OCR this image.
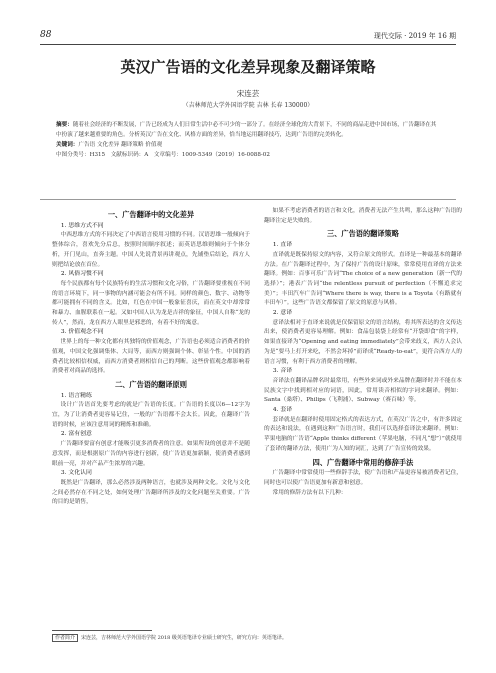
88	现代交际 · 2019 年 16 期
英汉广告语的文化差异现象及翻译策略
宋连芸
（吉林师范大学外国语学院 吉林 长春 130000）
摘要：随着社会经济的不断发展，广告已经成为人们日常生活中必不可少的一部分了。在经济全球化的大背景下，不同的商品走进中国市场，广告翻译在其中扮演了越来越重要的角色。分析英汉广告在文化、风格方面的差异，恰当地运用翻译技巧，达到广告语的完美转化。
关键词：广告语 文化差异 翻译策略 价值观
中图分类号：H315　文献标识码：A　文章编号：1009-5349（2019）16-0088-02
一、广告翻译中的文化差异
1. 思维方式不同

中西思维方式的不同决定了中西语言使用习惯的不同。汉语思维一般倾向于整体综合，喜欢先分后总，按照时间顺序叙述；而英语思维则倾向于个体分析，开门见山，直奔主题。中国人先说背景再讲观点，先铺垫后结论，西方人则把结论放在首位。

2. 风俗习惯不同

每个民族都有每个民族特有的生活习惯和文化习俗，广告翻译要重视在不同的语言环境下，同一事物的内涵可能会有所不同。同样的颜色、数字、动物等都可能拥有不同的含义。比如，红色在中国一般象征喜庆，而在英文中却常常和暴力、血腥联系在一起。又如中国人认为龙是吉祥的象征，中国人自称“龙的传人”，然而，龙在西方人眼里是邪恶的，有着不好的寓意。

3. 价值观念不同

世界上的每一种文化都有其独特的价值观念，广告语也必须适合消费者的价值观，中国文化强调集体、大局等，而西方则强调个体、彰显个性。中国的消费者比较相信权威，而西方消费者则相信自己的判断。这些价值观念都影响着消费者对商品的选择。

二、广告语的翻译原则
1. 语言精练

设计广告语首先要考虑的就是广告语的长度。广告语的长度以6—12字为宜，为了让消费者更容易记住，一般的广告语都不会太长。因此，在翻译广告语的时候，应该注意用词的精炼和准确。

2. 富有创意

广告翻译要富有创意才能吸引更多消费者的注意。如果所设的创意并不是随意发挥，而是根据原广告的内容进行创新，使广告语更加新颖，使消费者感到眼前一亮，并对产品产生浓厚的兴趣。

3. 文化认同

既然是广告翻译，那么必然涉及两种语言，也就涉及两种文化。文化与文化之间必然存在不同之处，如何处理广告翻译所涉及的文化问题至关重要。广告的目的是销售，

如果不考虑消费者的语言和文化，消费者无法产生共鸣，那么这种广告语的翻译注定是失败的。

三、广告语的翻译策略
1. 直译

直译就是既保持原文的内容，又符合原文的形式。直译是一种最基本的翻译方法。在广告翻译过程中，为了保持广告的设计原味，常常使用直译的方法来翻译。例如：百事可乐广告词“The choice of a new generation（新一代的选择）”；港表广告词“the relentless pursuit of perfection（不懈追求完美）”；丰田汽车广告词“Where there is way, there is a Toyota（有路就有丰田车）”。这些广告语文都保留了原文的原意与风格。

2. 意译

意译法相对于直译来说就是仅保留原文的语言结构，将其所表达的含义传达出来，使消费者更容易理解。例如：食品包装袋上经常有“开袋即食”的字样，如果直接译为“Opening and eating immediately”会带来歧义，西方人会认为是“要马上打开来吃，不然会坏掉”而译成“Ready-to-eat”，更符合西方人的语言习惯，有利于西方消费者的理解。

3. 音译

音译法在翻译品牌名时最常用，有些外来词或外来品牌在翻译时并不能在本民族文字中找到相对应的词语，因此，常用读音相似的字词来翻译。例如：Santa（桑塔）、Philips（飞利浦）、Subway（赛百味）等。

4. 套译

套译就是在翻译时使用固定格式的表达方式，在英汉广告之中，有许多固定的表达和说法，在遇到这种广告语言时，我们可以选择套译法来翻译。例如：苹果电脑的广告语“Apple thinks different（苹果电脑，不同凡“想”）”就使用了套译的翻译方法，使用广为人知的词汇，达到了广告宣传的效果。

四、广告翻译中常用的修辞手法

广告翻译中常常使用一些修辞手法，使广告语和产品更容易被消费者记住，同时也可以使广告语更加有新意和创意。

常用的修辞方法有以下几种：

作者简介 宋连芸，吉林师范大学外国语学院 2018 级英语笔译专业硕士研究生，研究方向：英语笔译。
